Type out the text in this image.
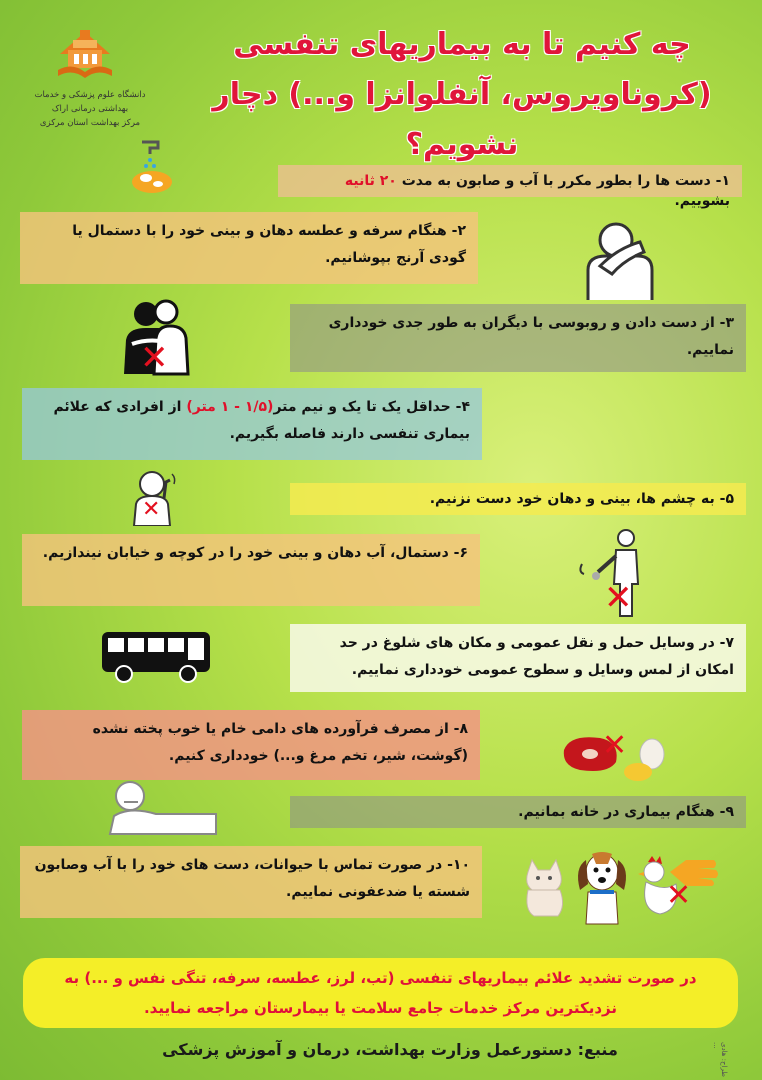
دانشگاه علوم پزشکی و خدمات بهداشتی درمانی اراک
مرکز بهداشت استان مرکزی
چه کنیم تا به بیماریهای تنفسی
(کروناویروس، آنفلوانزا و...) دچار نشویم؟
۱- دست ها را بطور مکرر با آب و صابون به مدت ۲۰ ثانیه بشوییم.
۲- هنگام سرفه و عطسه دهان و بینی خود را با دستمال یا گودی آرنج بپوشانیم.
۳- از دست دادن و روبوسی با دیگران به طور جدی خودداری نماییم.
✕
۴- حداقل یک تا یک و نیم متر(۱/۵ - ۱ متر) از افرادی که علائم بیماری تنفسی دارند فاصله بگیریم.
۵- به چشم ها، بینی و دهان خود دست نزنیم.
✕
۶- دستمال، آب دهان و بینی خود را در کوچه و خیابان نیندازیم.
✕
۷- در وسایل حمل و نقل عمومی و مکان های شلوغ در حد امکان از لمس وسایل و سطوح عمومی خودداری نماییم.
۸- از مصرف فرآورده های دامی خام یا خوب پخته نشده (گوشت، شیر، تخم مرغ و...) خودداری کنیم.	✕
۹- هنگام بیماری در خانه بمانیم.
۱۰- در صورت تماس با حیوانات، دست های خود را با آب وصابون شسته یا ضدعفونی نماییم.	✕
در صورت تشدید علائم بیماریهای تنفسی (تب، لرز، عطسه، سرفه، تنگی نفس و ...) به نزدیکترین مرکز خدمات جامع سلامت یا بیمارستان مراجعه نمایید.
منبع: دستورعمل وزارت بهداشت، درمان و آموزش پزشکی	طراح: هادی ...
